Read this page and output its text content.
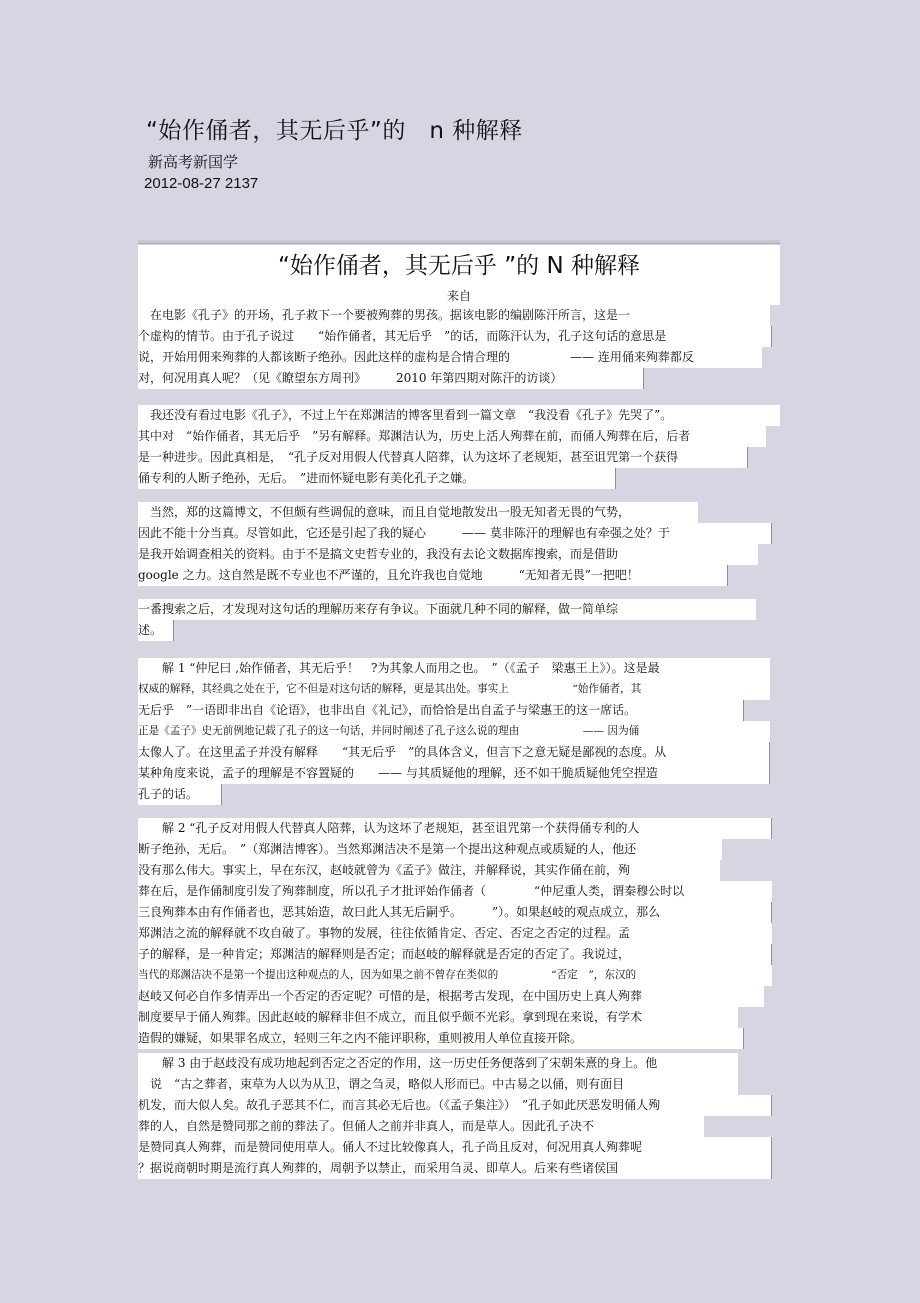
“始作俑者，其无后乎”的　n 种解释
新高考新国学
2012-08-27 2137
“始作俑者，其无后乎 ”的 N 种解释
来自
　在电影《孔子》的开场，孔子救下一个要被殉葬的男孩。据该电影的编剧陈汗所言，这是一
个虚构的情节。由于孔子说过　　“始作俑者，其无后乎　”的话，而陈汗认为，孔子这句话的意思是
说，开始用佣来殉葬的人都该断子绝孙。因此这样的虚构是合情合理的　　　　　—— 连用俑来殉葬都反
对，何况用真人呢？（见《瞭望东方周刊》　　　2010 年第四期对陈汗的访谈）
　我还没有看过电影《孔子》，不过上午在郑渊洁的博客里看到一篇文章　“我没看《孔子》先哭了”。
其中对　“始作俑者，其无后乎　”另有解释。郑渊洁认为，历史上活人殉葬在前，而俑人殉葬在后，后者
是一种进步。因此真相是，　“孔子反对用假人代替真人陪葬，认为这坏了老规矩，甚至诅咒第一个获得
俑专利的人断子绝孙，无后。　”进而怀疑电影有美化孔子之嫌。
　当然，郑的这篇博文，不但颇有些调侃的意味，而且自觉地散发出一股无知者无畏的气势，
因此不能十分当真。尽管如此，它还是引起了我的疑心　　　—— 莫非陈汗的理解也有牵强之处？于
是我开始调查相关的资料。由于不是搞文史哲专业的，我没有去论文数据库搜索，而是借助
google 之力。这自然是既不专业也不严谨的，且允许我也自觉地　　　“无知者无畏”一把吧！
一番搜索之后，才发现对这句话的理解历来存有争议。下面就几种不同的解释，做一简单综
述。
　　解 1 “仲尼曰 ,始作俑者，其无后乎！　?为其象人而用之也。　”（《孟子　梁惠王上》）。这是最
权威的解释，其经典之处在于，它不但是对这句话的解释，更是其出处。事实上　　　　　　“始作俑者，其
无后乎　”一语即非出自《论语》，也非出自《礼记》，而恰恰是出自孟子与梁惠王的这一席话。
正是《孟子》史无前例地记载了孔子的这一句话，并同时阐述了孔子这么说的理由　　　　　　—— 因为俑
太像人了。在这里孟子并没有解释　　“其无后乎　”的具体含义，但言下之意无疑是鄙视的态度。从
某种角度来说，孟子的理解是不容置疑的　　—— 与其质疑他的理解，还不如干脆质疑他凭空捏造
孔子的话。
　　解 2 “孔子反对用假人代替真人陪葬，认为这坏了老规矩，甚至诅咒第一个获得俑专利的人
断子绝孙，无后。　”（郑渊洁博客）。当然郑渊洁决不是第一个提出这种观点或质疑的人，他还
没有那么伟大。事实上，早在东汉，赵岐就曾为《孟子》做注，并解释说，其实作俑在前，殉
葬在后，是作俑制度引发了殉葬制度，所以孔子才批评始作俑者（　　　　“仲尼重人类，谓秦穆公时以
三良殉葬本由有作俑者也，恶其始造，故曰此人其无后嗣乎。　　　”）。如果赵岐的观点成立，那么
郑渊洁之流的解释就不攻自破了。事物的发展，往往依循肯定、否定、否定之否定的过程。孟
子的解释，是一种肯定；郑渊洁的解释则是否定；而赵岐的解释就是否定的否定了。我说过，
当代的郑渊洁决不是第一个提出这种观点的人，因为如果之前不曾存在类似的　　　　　“否定　”，东汉的
赵岐又何必自作多情弄出一个否定的否定呢？可惜的是，根据考古发现，在中国历史上真人殉葬
制度要早于俑人殉葬。因此赵岐的解释非但不成立，而且似乎颇不光彩。拿到现在来说，有学术
造假的嫌疑，如果罪名成立，轻则三年之内不能评职称，重则被用人单位直接开除。
　　解 3 由于赵歧没有成功地起到否定之否定的作用，这一历史任务便落到了宋朝朱熹的身上。他
　说　“古之葬者，束草为人以为从卫，谓之刍灵，略似人形而已。中古易之以俑，则有面目
机发，而大似人矣。故孔子恶其不仁，而言其必无后也。（《孟子集注》）　”孔子如此厌恶发明俑人殉
葬的人，自然是赞同那之前的葬法了。但俑人之前并非真人，而是草人。因此孔子决不
是赞同真人殉葬，而是赞同使用草人。俑人不过比较像真人，孔子尚且反对，何况用真人殉葬呢
？据说商朝时期是流行真人殉葬的，周朝予以禁止，而采用刍灵、即草人。后来有些诸侯国
